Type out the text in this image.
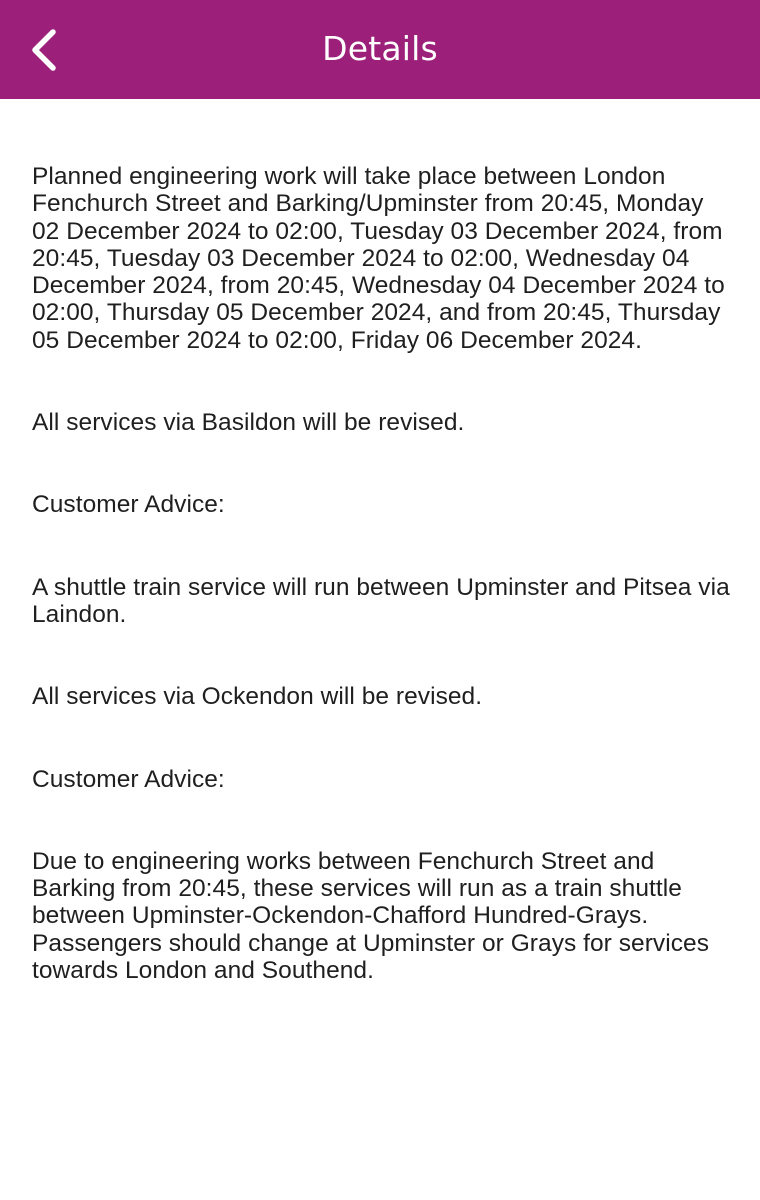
Details

Planned engineering work will take place between London Fenchurch Street and Barking/Upminster from 20:45, Monday 02 December 2024 to 02:00, Tuesday 03 December 2024, from 20:45, Tuesday 03 December 2024 to 02:00, Wednesday 04 December 2024, from 20:45, Wednesday 04 December 2024 to 02:00, Thursday 05 December 2024, and from 20:45, Thursday 05 December 2024 to 02:00, Friday 06 December 2024.

All services via Basildon will be revised.

Customer Advice:

A shuttle train service will run between Upminster and Pitsea via Laindon.

All services via Ockendon will be revised.

Customer Advice:

Due to engineering works between Fenchurch Street and Barking from 20:45, these services will run as a train shuttle between Upminster-Ockendon-Chafford Hundred-Grays. Passengers should change at Upminster or Grays for services towards London and Southend.
